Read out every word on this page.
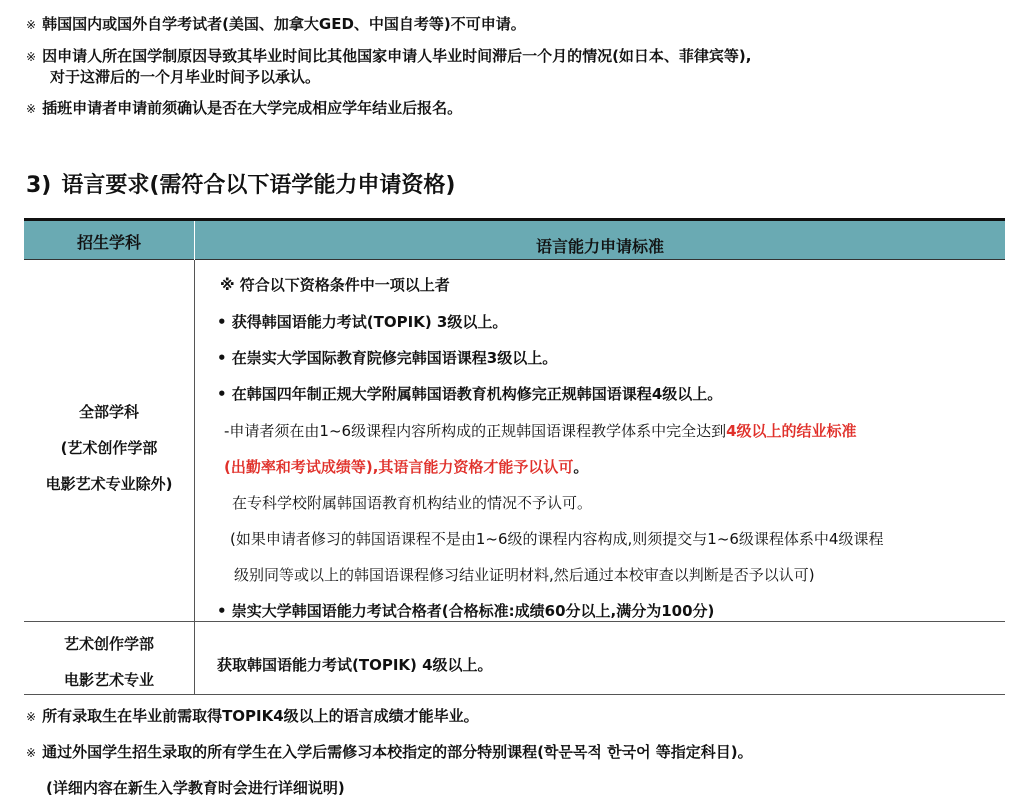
※ 韩国国内或国外自学考试者(美国、加拿大GED、中国自考等)不可申请。
※ 因申请人所在国学制原因导致其毕业时间比其他国家申请人毕业时间滞后一个月的情况(如日本、菲律宾等),
对于这滞后的一个月毕业时间予以承认。
※ 插班申请者申请前须确认是否在大学完成相应学年结业后报名。
3) 语言要求(需符合以下语学能力申请资格)
招生学科	语言能力申请标准
全部学科
(艺术创作学部
电影艺术专业除外)
※ 符合以下资格条件中一项以上者
• 获得韩国语能力考试(TOPIK) 3级以上。
• 在崇实大学国际教育院修完韩国语课程3级以上。
• 在韩国四年制正规大学附属韩国语教育机构修完正规韩国语课程4级以上。
-申请者须在由1~6级课程内容所构成的正规韩国语课程教学体系中完全达到4级以上的结业标准
(出勤率和考试成绩等),其语言能力资格才能予以认可。
在专科学校附属韩国语教育机构结业的情况不予认可。
(如果申请者修习的韩国语课程不是由1~6级的课程内容构成,则须提交与1~6级课程体系中4级课程
级别同等或以上的韩国语课程修习结业证明材料,然后通过本校审查以判断是否予以认可)
• 崇实大学韩国语能力考试合格者(合格标准:成绩60分以上,满分为100分)
艺术创作学部
电影艺术专业
获取韩国语能力考试(TOPIK) 4级以上。
※ 所有录取生在毕业前需取得TOPIK4级以上的语言成绩才能毕业。
※ 通过外国学生招生录取的所有学生在入学后需修习本校指定的部分特别课程(학문목적 한국어 等指定科目)。
(详细内容在新生入学教育时会进行详细说明)
